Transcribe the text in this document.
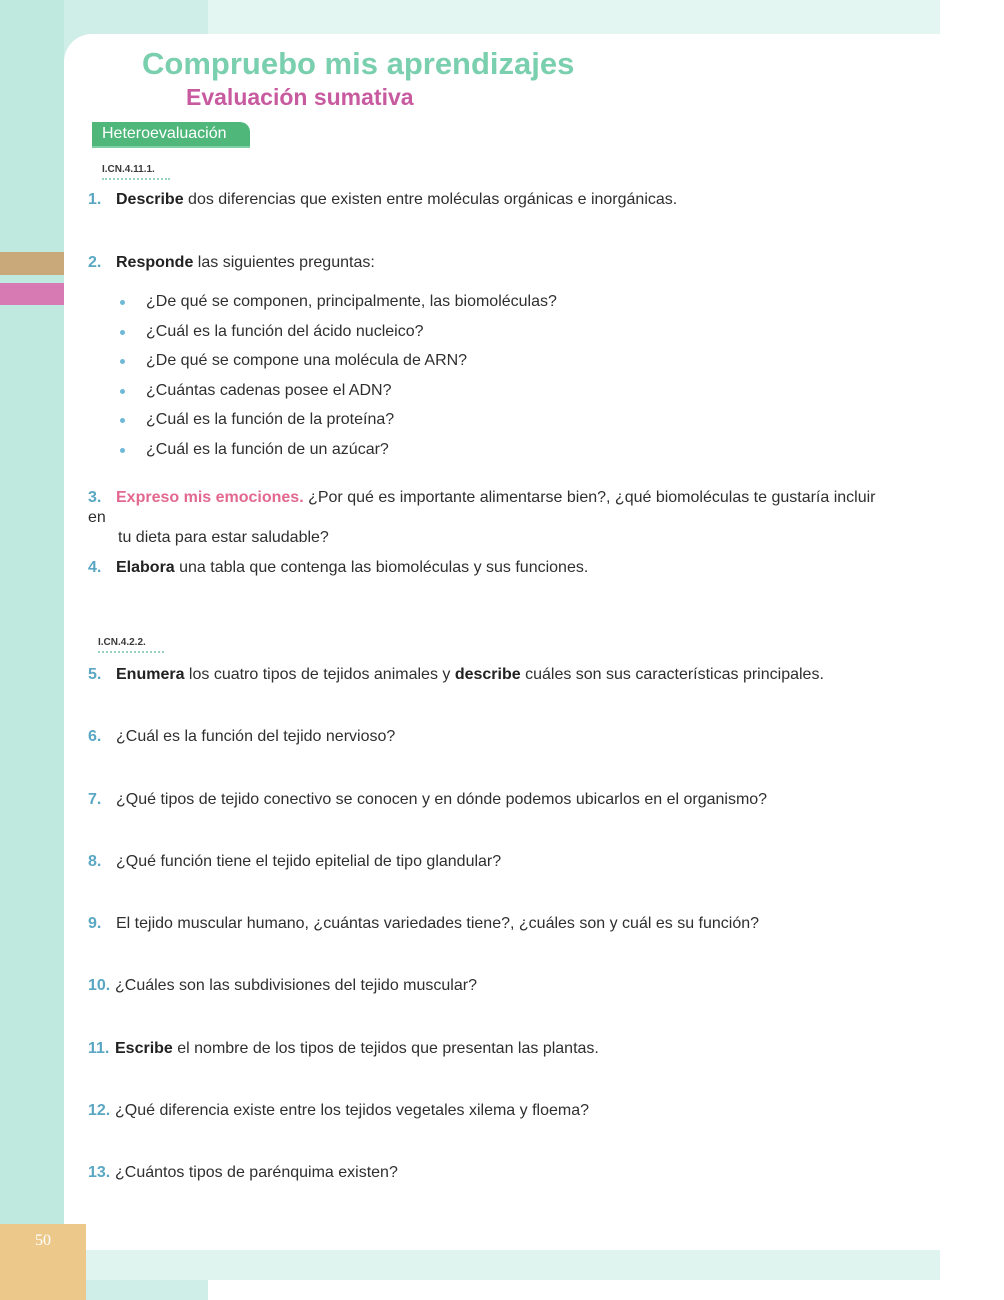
50
Compruebo mis aprendizajes
Evaluación sumativa
Heteroevaluación
I.CN.4.11.1.
1. Describe dos diferencias que existen entre moléculas orgánicas e inorgánicas.
2. Responde las siguientes preguntas:
¿De qué se componen, principalmente, las biomoléculas?
¿Cuál es la función del ácido nucleico?
¿De qué se compone una molécula de ARN?
¿Cuántas cadenas posee el ADN?
¿Cuál es la función de la proteína?
¿Cuál es la función de un azúcar?
3. Expreso mis emociones. ¿Por qué es importante alimentarse bien?, ¿qué biomoléculas te gustaría incluir en
tu dieta para estar saludable?
4. Elabora una tabla que contenga las biomoléculas y sus funciones.
I.CN.4.2.2.
5. Enumera los cuatro tipos de tejidos animales y describe cuáles son sus características principales.
6. ¿Cuál es la función del tejido nervioso?
7. ¿Qué tipos de tejido conectivo se conocen y en dónde podemos ubicarlos en el organismo?
8. ¿Qué función tiene el tejido epitelial de tipo glandular?
9. El tejido muscular humano, ¿cuántas variedades tiene?, ¿cuáles son y cuál es su función?
10. ¿Cuáles son las subdivisiones del tejido muscular?
11. Escribe el nombre de los tipos de tejidos que presentan las plantas.
12. ¿Qué diferencia existe entre los tejidos vegetales xilema y floema?
13. ¿Cuántos tipos de parénquima existen?
